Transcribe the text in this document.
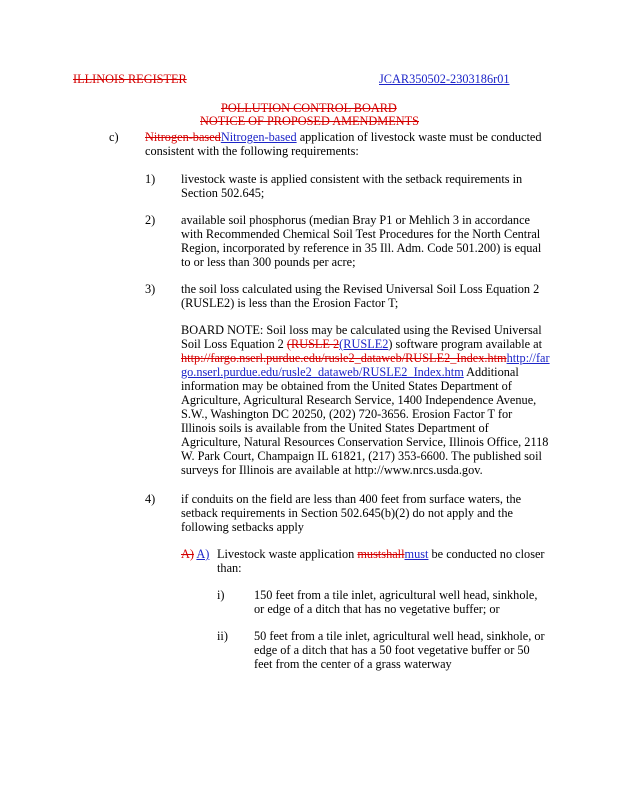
ILLINOIS REGISTER	JCAR350502-2303186r01
POLLUTION CONTROL BOARD
NOTICE OF PROPOSED AMENDMENTS
c) Nitrogen-basedNitrogen-based application of livestock waste must be conducted
consistent with the following requirements:
1) livestock waste is applied consistent with the setback requirements in
Section 502.645;
2) available soil phosphorus (median Bray P1 or Mehlich 3 in accordance
with Recommended Chemical Soil Test Procedures for the North Central
Region, incorporated by reference in 35 Ill. Adm. Code 501.200) is equal
to or less than 300 pounds per acre;
3) the soil loss calculated using the Revised Universal Soil Loss Equation 2
(RUSLE2) is less than the Erosion Factor T;
BOARD NOTE: Soil loss may be calculated using the Revised Universal
Soil Loss Equation 2 (RUSLE 2(RUSLE2) software program available at
http://fargo.nserl.purdue.edu/rusle2_dataweb/RUSLE2_Index.htmhttp://far
go.nserl.purdue.edu/rusle2_dataweb/RUSLE2_Index.htm Additional
information may be obtained from the United States Department of
Agriculture, Agricultural Research Service, 1400 Independence Avenue,
S.W., Washington DC 20250, (202) 720-3656. Erosion Factor T for
Illinois soils is available from the United States Department of
Agriculture, Natural Resources Conservation Service, Illinois Office, 2118
W. Park Court, Champaign IL 61821, (217) 353-6600. The published soil
surveys for Illinois are available at http://www.nrcs.usda.gov.
4) if conduits on the field are less than 400 feet from surface waters, the
setback requirements in Section 502.645(b)(2) do not apply and the
following setbacks apply
A) A) Livestock waste application mustshallmust be conducted no closer
than:
i) 150 feet from a tile inlet, agricultural well head, sinkhole,
or edge of a ditch that has no vegetative buffer; or
ii) 50 feet from a tile inlet, agricultural well head, sinkhole, or
edge of a ditch that has a 50 foot vegetative buffer or 50
feet from the center of a grass waterway
